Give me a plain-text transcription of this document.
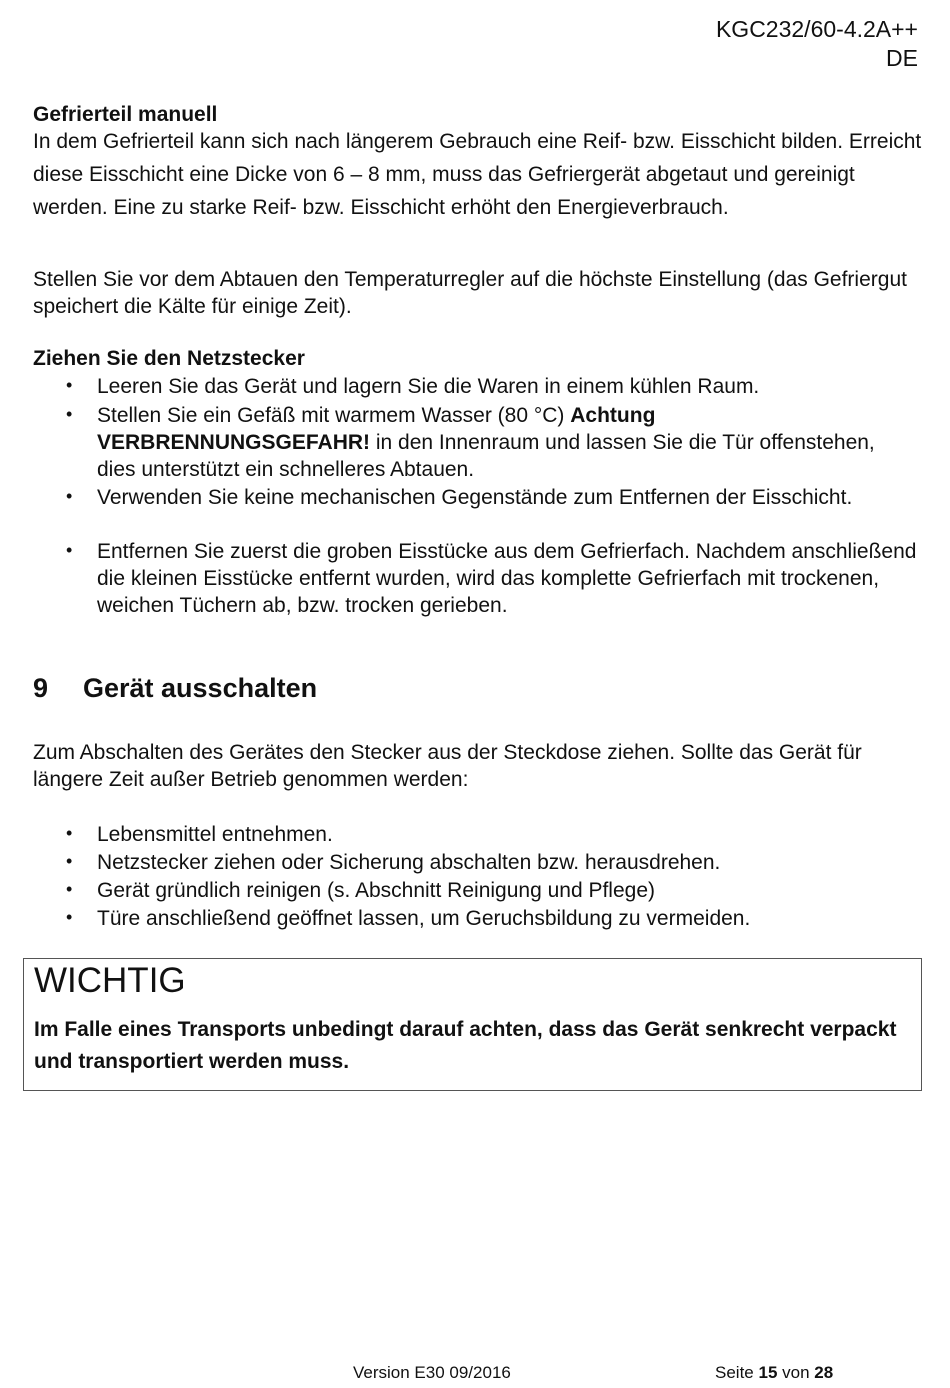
KGC232/60-4.2A++
DE
Gefrierteil manuell

In dem Gefrierteil kann sich nach längerem Gebrauch eine Reif- bzw. Eisschicht bilden. Erreicht diese Eisschicht eine Dicke von 6 – 8 mm, muss das Gefriergerät abgetaut und gereinigt werden. Eine zu starke Reif- bzw. Eisschicht erhöht den Energieverbrauch.

Stellen Sie vor dem Abtauen den Temperaturregler auf die höchste Einstellung (das Gefriergut speichert die Kälte für einige Zeit).

Ziehen Sie den Netzstecker
• Leeren Sie das Gerät und lagern Sie die Waren in einem kühlen Raum.
• Stellen Sie ein Gefäß mit warmem Wasser (80 °C) Achtung VERBRENNUNGSGEFAHR! in den Innenraum und lassen Sie die Tür offenstehen, dies unterstützt ein schnelleres Abtauen.
• Verwenden Sie keine mechanischen Gegenstände zum Entfernen der Eisschicht.
• Entfernen Sie zuerst die groben Eisstücke aus dem Gefrierfach. Nachdem anschließend die kleinen Eisstücke entfernt wurden, wird das komplette Gefrierfach mit trockenen, weichen Tüchern ab, bzw. trocken gerieben.
9 Gerät ausschalten

Zum Abschalten des Gerätes den Stecker aus der Steckdose ziehen. Sollte das Gerät für längere Zeit außer Betrieb genommen werden:

• Lebensmittel entnehmen.
• Netzstecker ziehen oder Sicherung abschalten bzw. herausdrehen.
• Gerät gründlich reinigen (s. Abschnitt Reinigung und Pflege)
• Türe anschließend geöffnet lassen, um Geruchsbildung zu vermeiden.
WICHTIG

Im Falle eines Transports unbedingt darauf achten, dass das Gerät senkrecht verpackt und transportiert werden muss.

Version E30 09/2016	Seite 15 von 28
